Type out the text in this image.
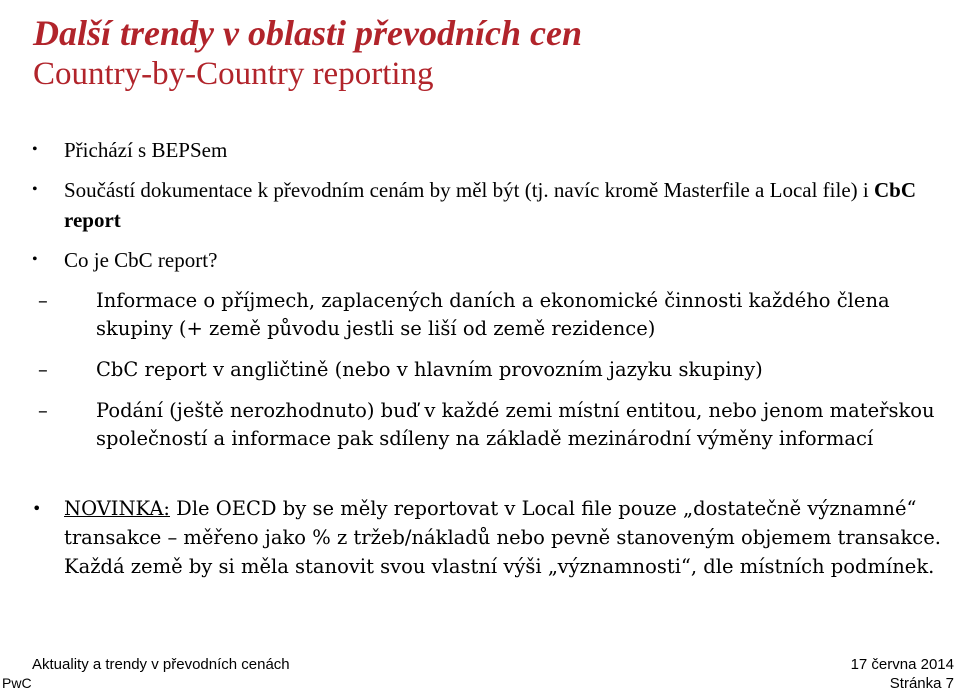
Další trendy v oblasti převodních cen
Country-by-Country reporting
• Přichází s BEPSem
• Součástí dokumentace k převodním cenám by měl být (tj. navíc kromě Masterfile a Local file) i CbC report
• Co je CbC report?
– Informace o příjmech, zaplacených daních a ekonomické činnosti každého člena skupiny (+ země původu jestli se liší od země rezidence)
– CbC report v angličtině (nebo v hlavním provozním jazyku skupiny)
– Podání (ještě nerozhodnuto) buď v každé zemi místní entitou, nebo jenom mateřskou společností a informace pak sdíleny na základě mezinárodní výměny informací
• NOVINKA: Dle OECD by se měly reportovat v Local file pouze „dostatečně významné“ transakce – měřeno jako % z tržeb/nákladů nebo pevně stanoveným objemem transakce. Každá země by si měla stanovit svou vlastní výši „významnosti“, dle místních podmínek.
Aktuality a trendy v převodních cenách
PwC
17 června 2014
Stránka 7
